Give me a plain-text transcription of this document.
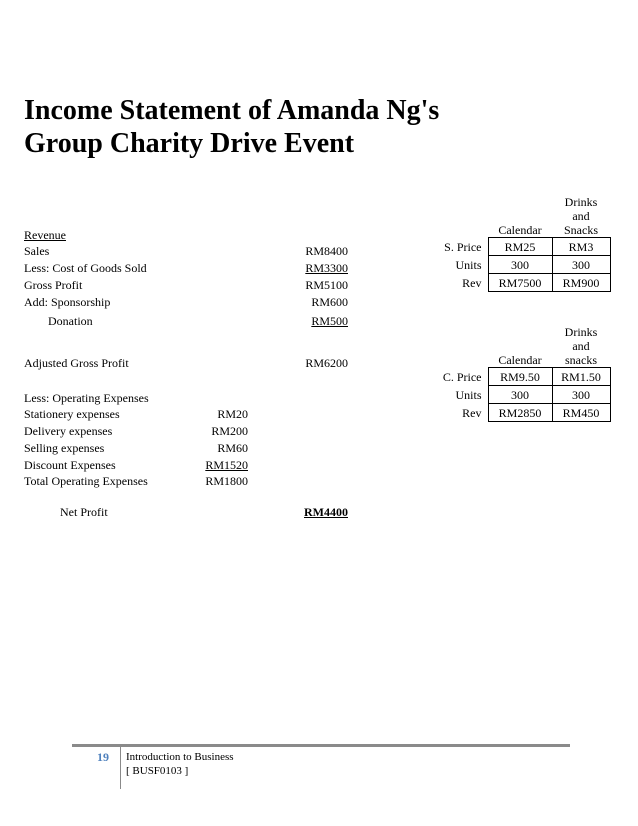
Income Statement of Amanda Ng's
Group Charity Drive Event
Revenue
Sales	RM8400
Less: Cost of Goods Sold	RM3300
Gross Profit	RM5100
Add: Sponsorship	RM600
Donation	RM500
Adjusted Gross Profit	RM6200
Less: Operating Expenses
Stationery expenses	RM20
Delivery expenses	RM200
Selling expenses	RM60
Discount Expenses	RM1520
Total Operating Expenses	RM1800
Net Profit	RM4400
	Calendar	Drinks
and
Snacks
S. Price	RM25	RM3
Units	300	300
Rev	RM7500	RM900
	Calendar	Drinks
and
snacks
C. Price	RM9.50	RM1.50
Units	300	300
Rev	RM2850	RM450
19 Introduction to Business
[ BUSF0103 ]
